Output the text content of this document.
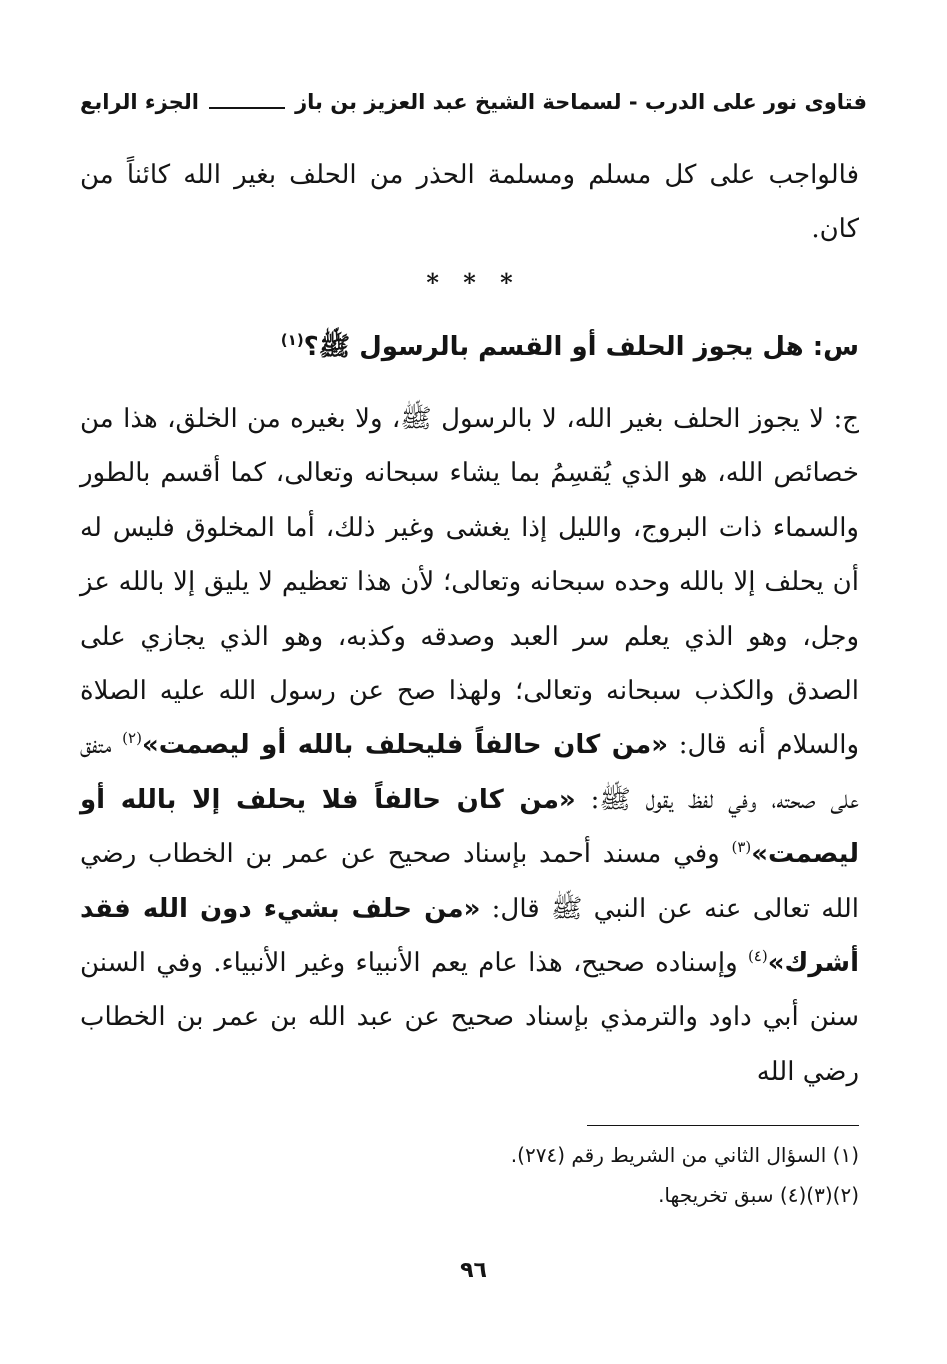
فتاوى نور على الدرب - لسماحة الشيخ عبد العزيز بن باز
الجزء الرابع

فالواجب على كل مسلم ومسلمة الحذر من الحلف بغير الله كائناً من كان.

* * *
س: هل يجوز الحلف أو القسم بالرسول ﷺ؟$^{(١)}$

ج: لا يجوز الحلف بغير الله، لا بالرسول ﷺ، ولا بغيره من الخلق، هذا من خصائص الله، هو الذي يُقسِمُ بما يشاء سبحانه وتعالى، كما أقسم بالطور والسماء ذات البروج، والليل إذا يغشى وغير ذلك، أما المخلوق فليس له أن يحلف إلا بالله وحده سبحانه وتعالى؛ لأن هذا تعظيم لا يليق إلا بالله عز وجل، وهو الذي يعلم سر العبد وصدقه وكذبه، وهو الذي يجازي على الصدق والكذب سبحانه وتعالى؛ ولهذا صح عن رسول الله عليه الصلاة والسلام أنه قال: «من كان حالفاً فليحلف بالله أو ليصمت»$^{(٢)}$ متفق على صحته، وفي لفظ يقول ﷺ: «من كان حالفاً فلا يحلف إلا بالله أو ليصمت»$^{(٣)}$ وفي مسند أحمد بإسناد صحيح عن عمر بن الخطاب رضي الله تعالى عنه عن النبي ﷺ قال: «من حلف بشيء دون الله فقد أشرك»$^{(٤)}$ وإسناده صحيح، هذا عام يعم الأنبياء وغير الأنبياء. وفي السنن سنن أبي داود والترمذي بإسناد صحيح عن عبد الله بن عمر بن الخطاب رضي الله

(١) السؤال الثاني من الشريط رقم (٢٧٤).
(٢)(٣)(٤) سبق تخريجها.
٩٦
